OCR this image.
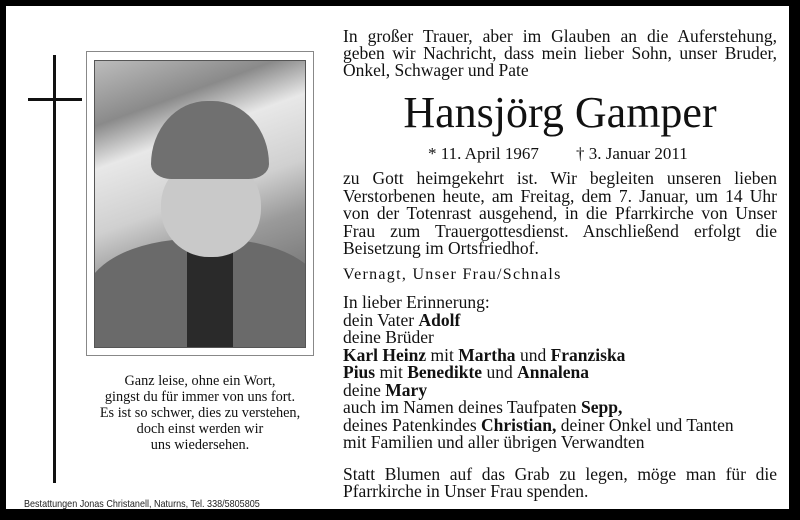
Ganz leise, ohne ein Wort,
gingst du für immer von uns fort.
Es ist so schwer, dies zu verstehen,
doch einst werden wir
uns wiedersehen.
Bestattungen Jonas Christanell, Naturns, Tel. 338/5805805
In großer Trauer, aber im Glauben an die Auferstehung, geben wir Nachricht, dass mein lieber Sohn, unser Bruder, Onkel, Schwager und Pate
Hansjörg Gamper
* 11. April 1967 † 3. Januar 2011
zu Gott heimgekehrt ist. Wir begleiten unseren lieben Verstorbenen heute, am Freitag, dem 7. Januar, um 14 Uhr von der Totenrast ausgehend, in die Pfarrkirche von Unser Frau zum Trauergottesdienst. Anschließend erfolgt die Beisetzung im Ortsfriedhof.
Vernagt, Unser Frau/Schnals
In lieber Erinnerung:
dein Vater Adolf
deine Brüder
Karl Heinz mit Martha und Franziska
Pius mit Benedikte und Annalena
deine Mary
auch im Namen deines Taufpaten Sepp,
deines Patenkindes Christian, deiner Onkel und Tanten
mit Familien und aller übrigen Verwandten
Statt Blumen auf das Grab zu legen, möge man für die Pfarrkirche in Unser Frau spenden.
